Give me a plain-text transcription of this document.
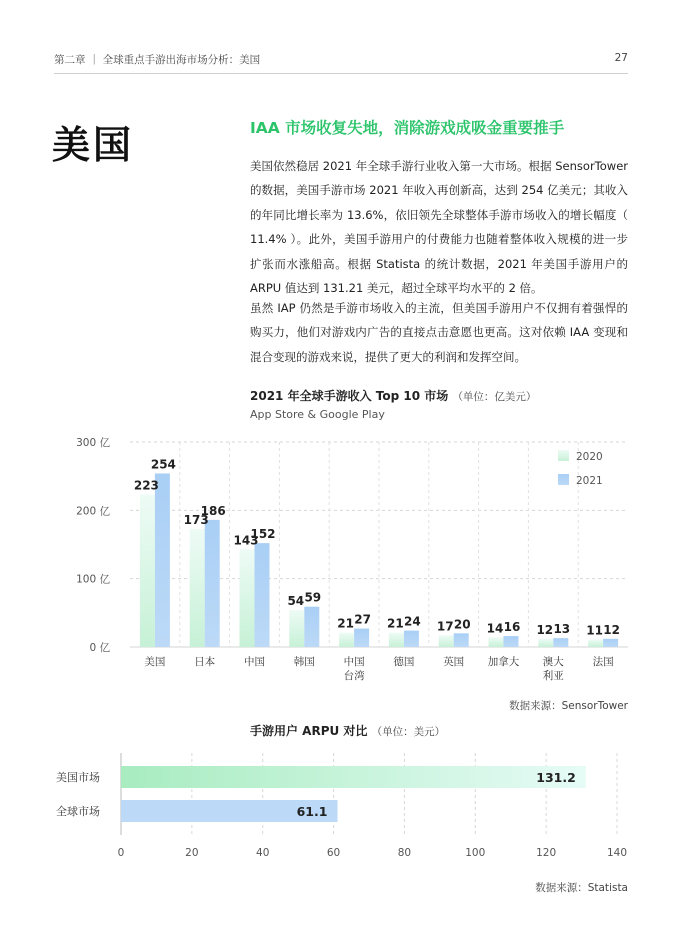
第二章 ｜ 全球重点手游出海市场分析：美国	27
美国	IAA 市场收复失地，消除游戏成吸金重要推手

美国依然稳居 2021 年全球手游行业收入第一大市场。根据 SensorTower 的数据，美国手游市场 2021 年收入再创新高，达到 254 亿美元；其收入的年同比增长率为 13.6%，依旧领先全球整体手游市场收入的增长幅度（ 11.4% ）。此外，美国手游用户的付费能力也随着整体收入规模的进一步扩张而水涨船高。根据 Statista 的统计数据，2021 年美国手游用户的 ARPU 值达到 131.21 美元，超过全球平均水平的 2 倍。

虽然 IAP 仍然是手游市场收入的主流，但美国手游用户不仅拥有着强悍的购买力，他们对游戏内广告的直接点击意愿也更高。这对依赖 IAA 变现和混合变现的游戏来说，提供了更大的利润和发挥空间。

2021 年全球手游收入 Top 10 市场 （单位：亿美元）
App Store & Google Play
0 亿
100 亿
200 亿
300 亿
223
254
美国
173
186
日本
143
152
中国
54 59
韩国
21 27
中国台湾
21 24
德国
17 20
英国
14 16
加拿大
12 13
澳大利亚
11 12
法国
2020
2021
数据来源：SensorTower
手游用户 ARPU 对比 （单位：美元）
0	20	40	60	80	100	120	140
美国市场	131.2
全球市场	61.1
数据来源：Statista
